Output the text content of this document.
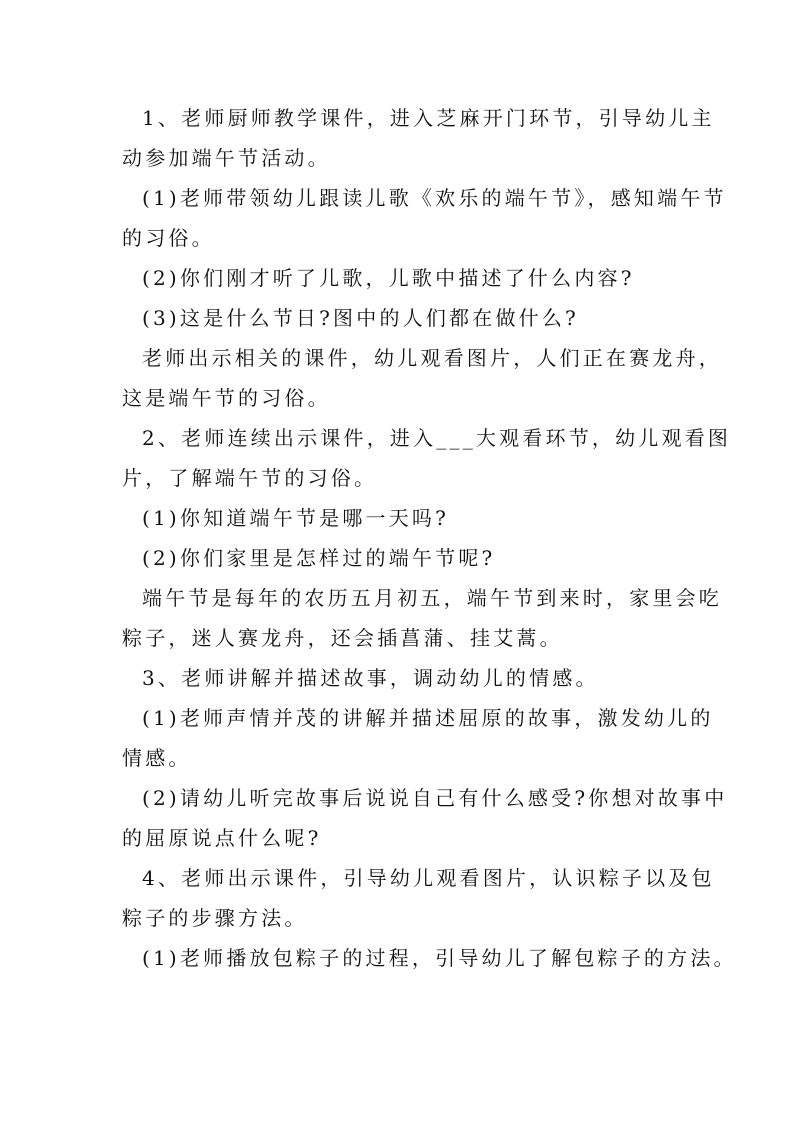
1、老师厨师教学课件，进入芝麻开门环节，引导幼儿主
动参加端午节活动。
(1)老师带领幼儿跟读儿歌《欢乐的端午节》，感知端午节
的习俗。
(2)你们刚才听了儿歌，儿歌中描述了什么内容?
(3)这是什么节日?图中的人们都在做什么?
老师出示相关的课件，幼儿观看图片，人们正在赛龙舟，
这是端午节的习俗。
2、老师连续出示课件，进入___大观看环节，幼儿观看图
片，了解端午节的习俗。
(1)你知道端午节是哪一天吗?
(2)你们家里是怎样过的端午节呢?
端午节是每年的农历五月初五，端午节到来时，家里会吃
粽子，迷人赛龙舟，还会插菖蒲、挂艾蒿。
3、老师讲解并描述故事，调动幼儿的情感。
(1)老师声情并茂的讲解并描述屈原的故事，激发幼儿的
情感。
(2)请幼儿听完故事后说说自己有什么感受?你想对故事中
的屈原说点什么呢?
4、老师出示课件，引导幼儿观看图片，认识粽子以及包
粽子的步骤方法。
(1)老师播放包粽子的过程，引导幼儿了解包粽子的方法。
